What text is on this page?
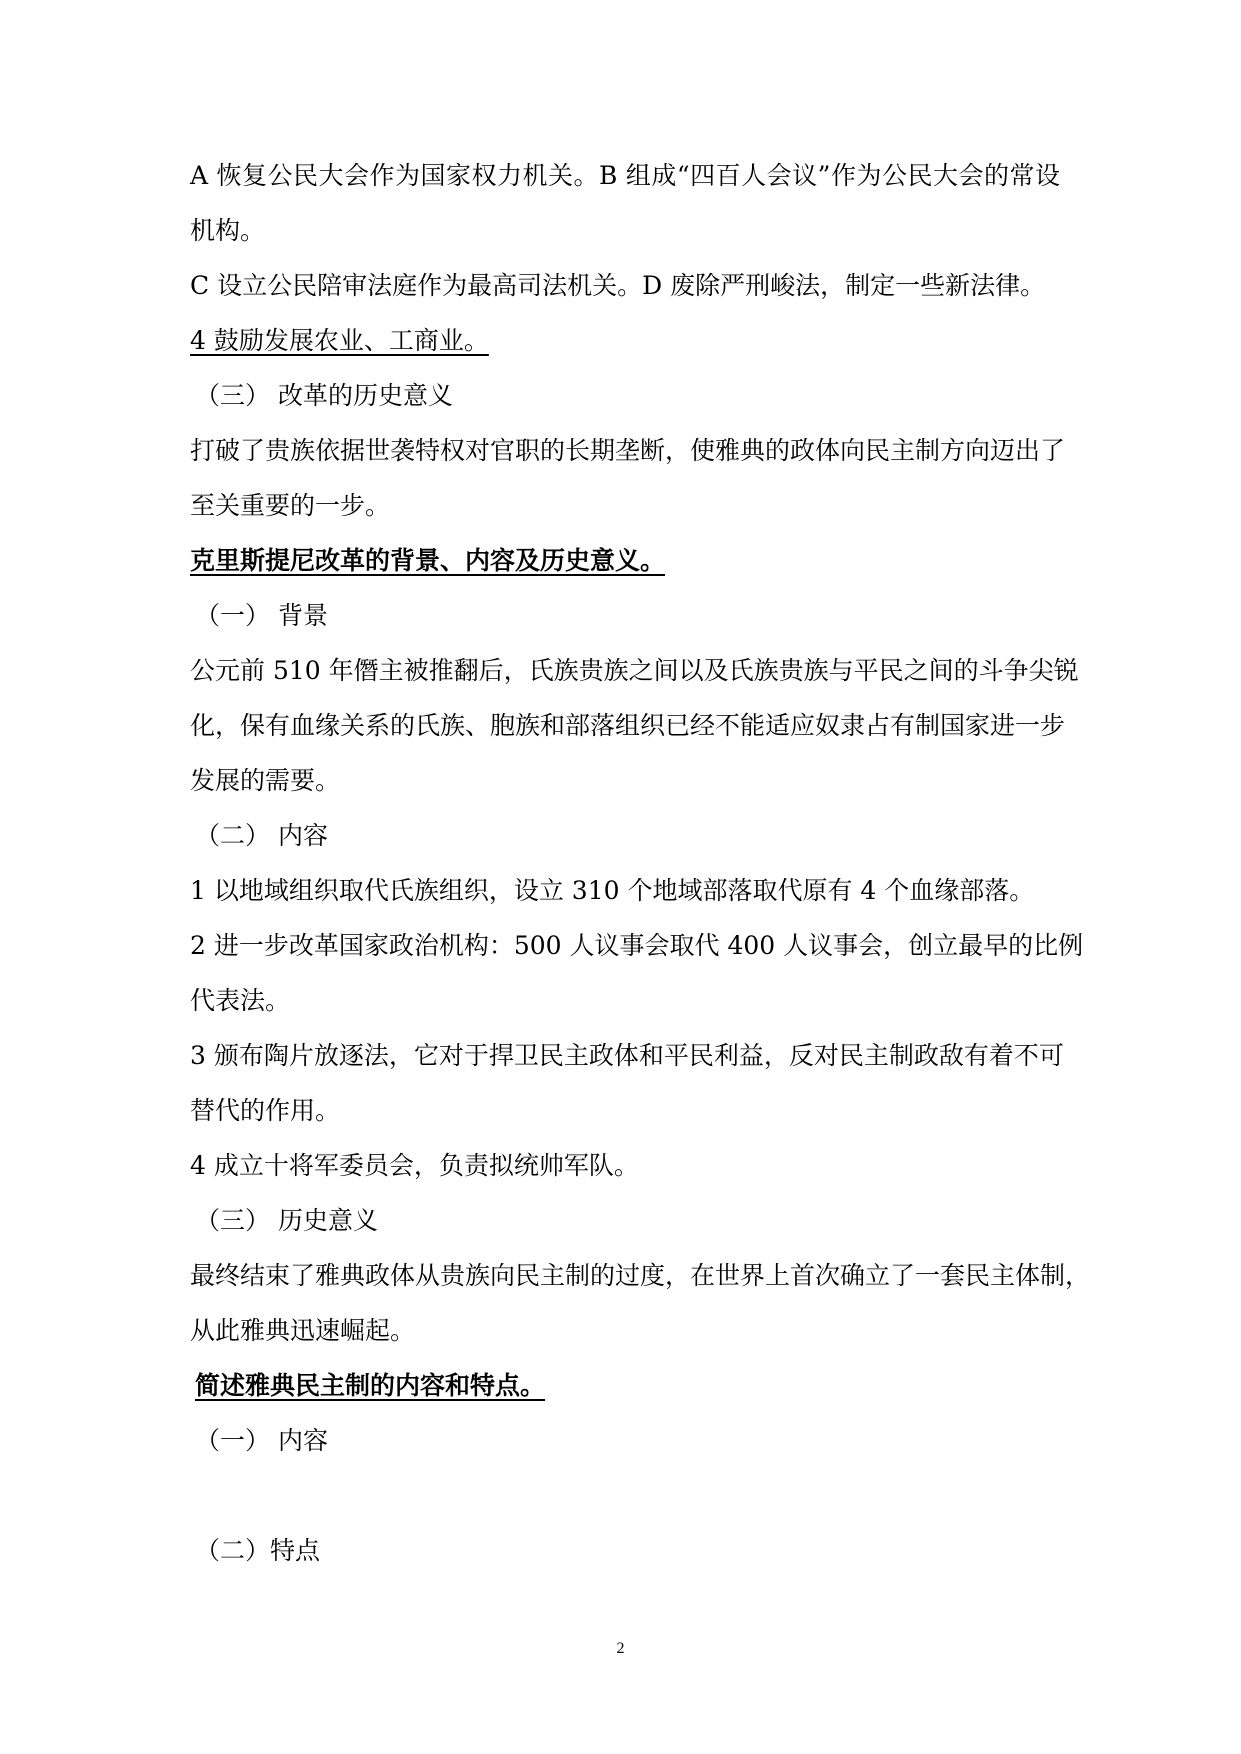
A 恢复公民大会作为国家权力机关。B 组成“四百人会议”作为公民大会的常设
机构。
C 设立公民陪审法庭作为最高司法机关。D 废除严刑峻法，制定一些新法律。
4 鼓励发展农业、工商业。
（三） 改革的历史意义
打破了贵族依据世袭特权对官职的长期垄断，使雅典的政体向民主制方向迈出了
至关重要的一步。
克里斯提尼改革的背景、内容及历史意义。
（一） 背景
公元前 510 年僭主被推翻后，氏族贵族之间以及氏族贵族与平民之间的斗争尖锐
化，保有血缘关系的氏族、胞族和部落组织已经不能适应奴隶占有制国家进一步
发展的需要。
（二） 内容
1 以地域组织取代氏族组织，设立 310 个地域部落取代原有 4 个血缘部落。
2 进一步改革国家政治机构：500 人议事会取代 400 人议事会，创立最早的比例
代表法。
3 颁布陶片放逐法，它对于捍卫民主政体和平民利益，反对民主制政敌有着不可
替代的作用。
4 成立十将军委员会，负责拟统帅军队。
（三） 历史意义
最终结束了雅典政体从贵族向民主制的过度，在世界上首次确立了一套民主体制，
从此雅典迅速崛起。
简述雅典民主制的内容和特点。
（一） 内容
（二）特点
2
